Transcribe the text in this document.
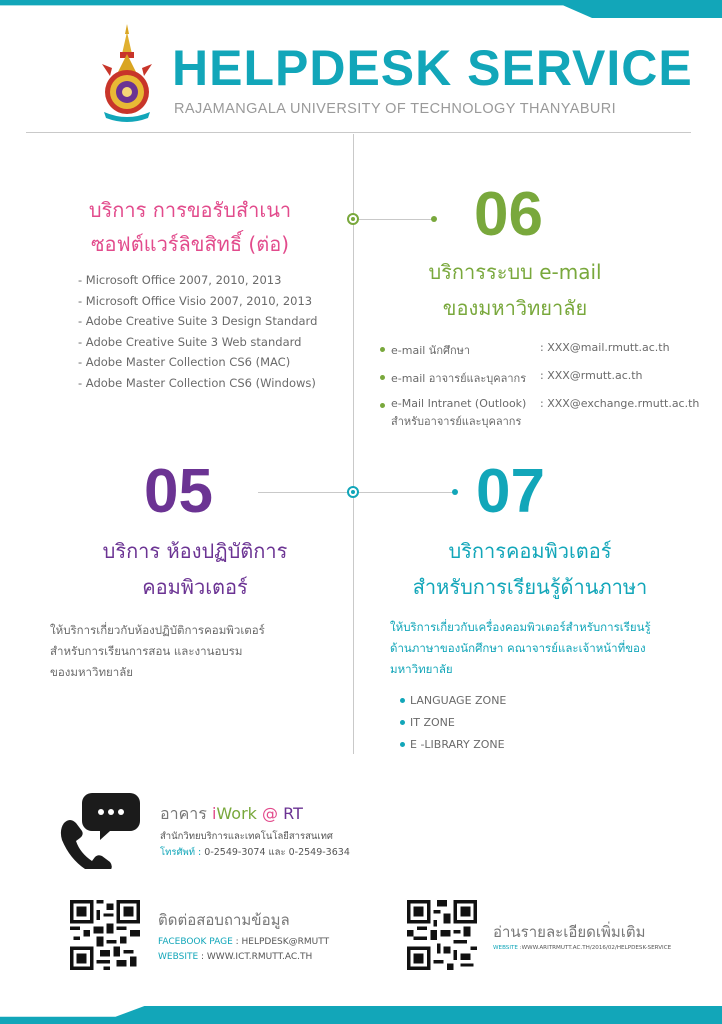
HELPDESK SERVICE
RAJAMANGALA UNIVERSITY OF TECHNOLOGY THANYABURI
บริการ การขอรับสำเนา
ซอฟต์แวร์ลิขสิทธิ์ (ต่อ)
- Microsoft Office 2007, 2010, 2013
- Microsoft Office Visio 2007, 2010, 2013
- Adobe Creative Suite 3 Design Standard
- Adobe Creative Suite 3 Web standard
- Adobe Master Collection CS6 (MAC)
- Adobe Master Collection CS6 (Windows)
06
บริการระบบ e-mail
ของมหาวิทยาลัย
e-mail นักศึกษา	: XXX@mail.rmutt.ac.th
e-mail อาจารย์และบุคลากร : XXX@rmutt.ac.th
e-Mail Intranet (Outlook) : XXX@exchange.rmutt.ac.th
สำหรับอาจารย์และบุคลากร
05
บริการ ห้องปฏิบัติการ
คอมพิวเตอร์
ให้บริการเกี่ยวกับห้องปฏิบัติการคอมพิวเตอร์
สำหรับการเรียนการสอน และงานอบรม
ของมหาวิทยาลัย
07
บริการคอมพิวเตอร์
สำหรับการเรียนรู้ด้านภาษา
ให้บริการเกี่ยวกับเครื่องคอมพิวเตอร์สำหรับการเรียนรู้
ด้านภาษาของนักศึกษา คณาจารย์และเจ้าหน้าที่ของ
มหาวิทยาลัย
LANGUAGE ZONE
IT ZONE
E -LIBRARY ZONE
อาคาร iWork @ RT
สำนักวิทยบริการและเทคโนโลยีสารสนเทศ
โทรศัพท์ : 0-2549-3074 และ 0-2549-3634
ติดต่อสอบถามข้อมูล
FACEBOOK PAGE : HELPDESK@RMUTT
WEBSITE : WWW.ICT.RMUTT.AC.TH
อ่านรายละเอียดเพิ่มเติม
WEBSITE :WWW.ARITRMUTT.AC.TH/2016/02/HELPDESK-SERVICE
